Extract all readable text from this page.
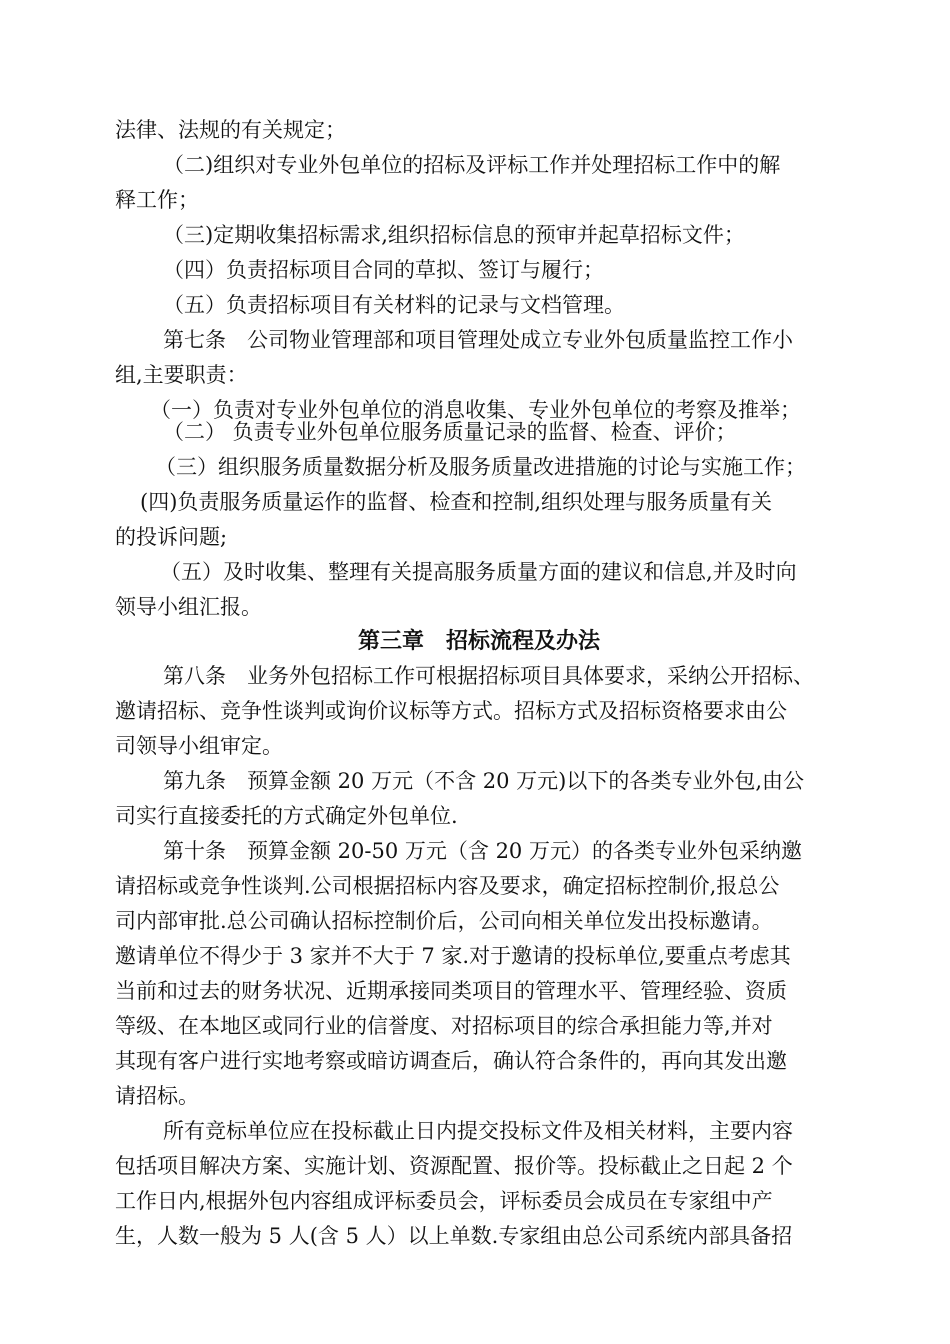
法律、法规的有关规定；
（二)组织对专业外包单位的招标及评标工作并处理招标工作中的解
释工作；
（三)定期收集招标需求,组织招标信息的预审并起草招标文件；
（四）负责招标项目合同的草拟、签订与履行；
（五）负责招标项目有关材料的记录与文档管理。
第七条　公司物业管理部和项目管理处成立专业外包质量监控工作小
组,主要职责：
（一）负责对专业外包单位的消息收集、专业外包单位的考察及推举；
（二） 负责专业外包单位服务质量记录的监督、检查、评价；
（三）组织服务质量数据分析及服务质量改进措施的讨论与实施工作；
(四)负责服务质量运作的监督、检查和控制,组织处理与服务质量有关
的投诉问题;
（五）及时收集、整理有关提高服务质量方面的建议和信息,并及时向
领导小组汇报。
第三章　招标流程及办法
第八条　业务外包招标工作可根据招标项目具体要求，采纳公开招标、
邀请招标、竞争性谈判或询价议标等方式。招标方式及招标资格要求由公
司领导小组审定。
第九条　预算金额 20 万元（不含 20 万元)以下的各类专业外包,由公
司实行直接委托的方式确定外包单位.
第十条　预算金额 20-50 万元（含 20 万元）的各类专业外包采纳邀
请招标或竞争性谈判.公司根据招标内容及要求，确定招标控制价,报总公
司内部审批.总公司确认招标控制价后，公司向相关单位发出投标邀请。
邀请单位不得少于 3 家并不大于 7 家.对于邀请的投标单位,要重点考虑其
当前和过去的财务状况、近期承接同类项目的管理水平、管理经验、资质
等级、在本地区或同行业的信誉度、对招标项目的综合承担能力等,并对
其现有客户进行实地考察或暗访调查后，确认符合条件的，再向其发出邀
请招标。
所有竞标单位应在投标截止日内提交投标文件及相关材料，主要内容
包括项目解决方案、实施计划、资源配置、报价等。投标截止之日起 2 个
工作日内,根据外包内容组成评标委员会，评标委员会成员在专家组中产
生，人数一般为 5 人(含 5 人）以上单数.专家组由总公司系统内部具备招
